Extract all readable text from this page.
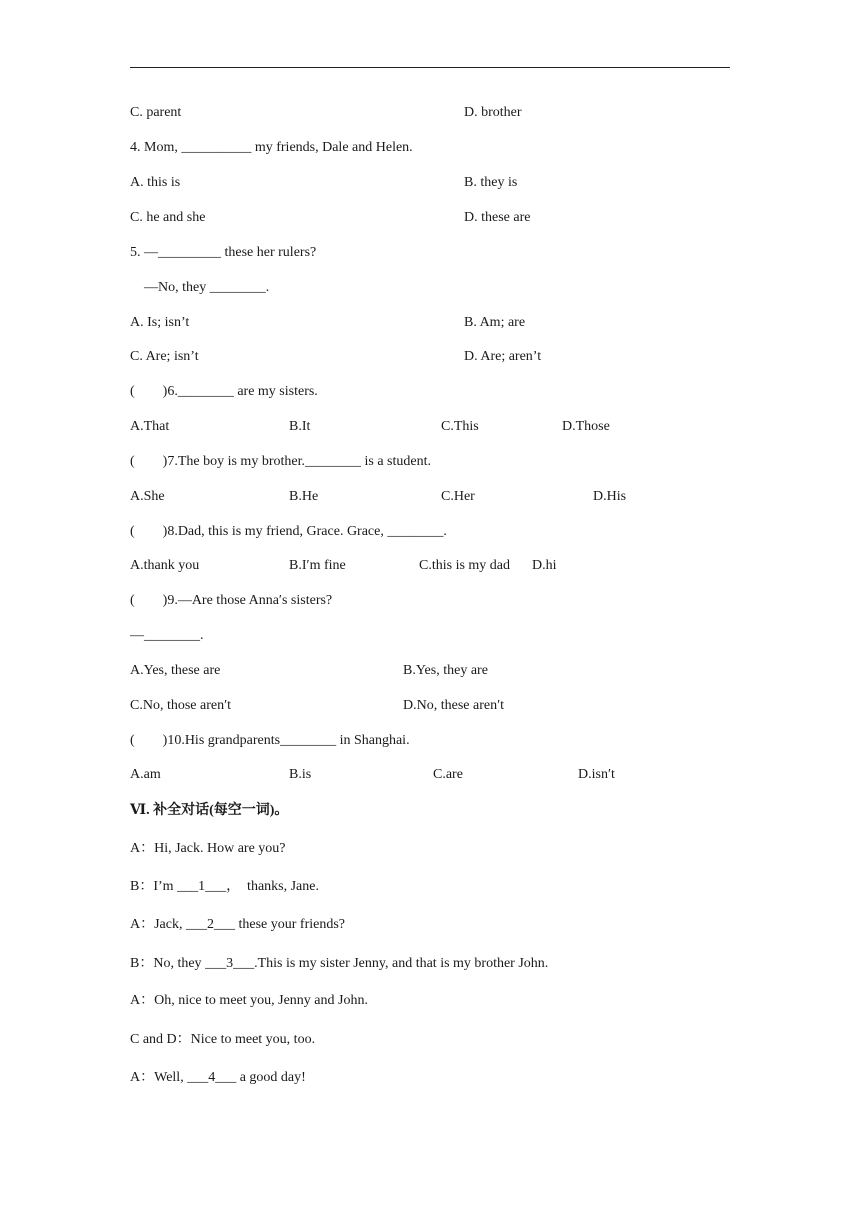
C. parent	D. brother
4. Mom, __________ my friends, Dale and Helen.
A. this is	B. they is
C. he and she	D. these are
5. —_________ these her rulers?
—No, they ________.
A. Is; isn’t	B. Am; are
C. Are; isn’t	D. Are; aren’t
(        )6.________ are my sisters.
A.That	B.It	C.This	D.Those
(        )7.The boy is my brother.________ is a student.
A.She	B.He	C.Her	D.His
(        )8.Dad, this is my friend, Grace. Grace, ________.
A.thank you	B.I′m fine	C.this is my dad D.hi
(        )9.—Are those Anna′s sisters?
—________.
A.Yes, these are	B.Yes, they are
C.No, those aren′t	D.No, these aren′t
(        )10.His grandparents________ in Shanghai.
A.am	B.is	C.are	D.isn′t
Ⅵ. 补全对话(每空一词)。
A：Hi, Jack. How are you?
B：I’m ___1___，  thanks, Jane.
A：Jack, ___2___ these your friends?
B：No, they ___3___.This is my sister Jenny, and that is my brother John.
A：Oh, nice to meet you, Jenny and John.
C and D：Nice to meet you, too.
A：Well, ___4___ a good day!
